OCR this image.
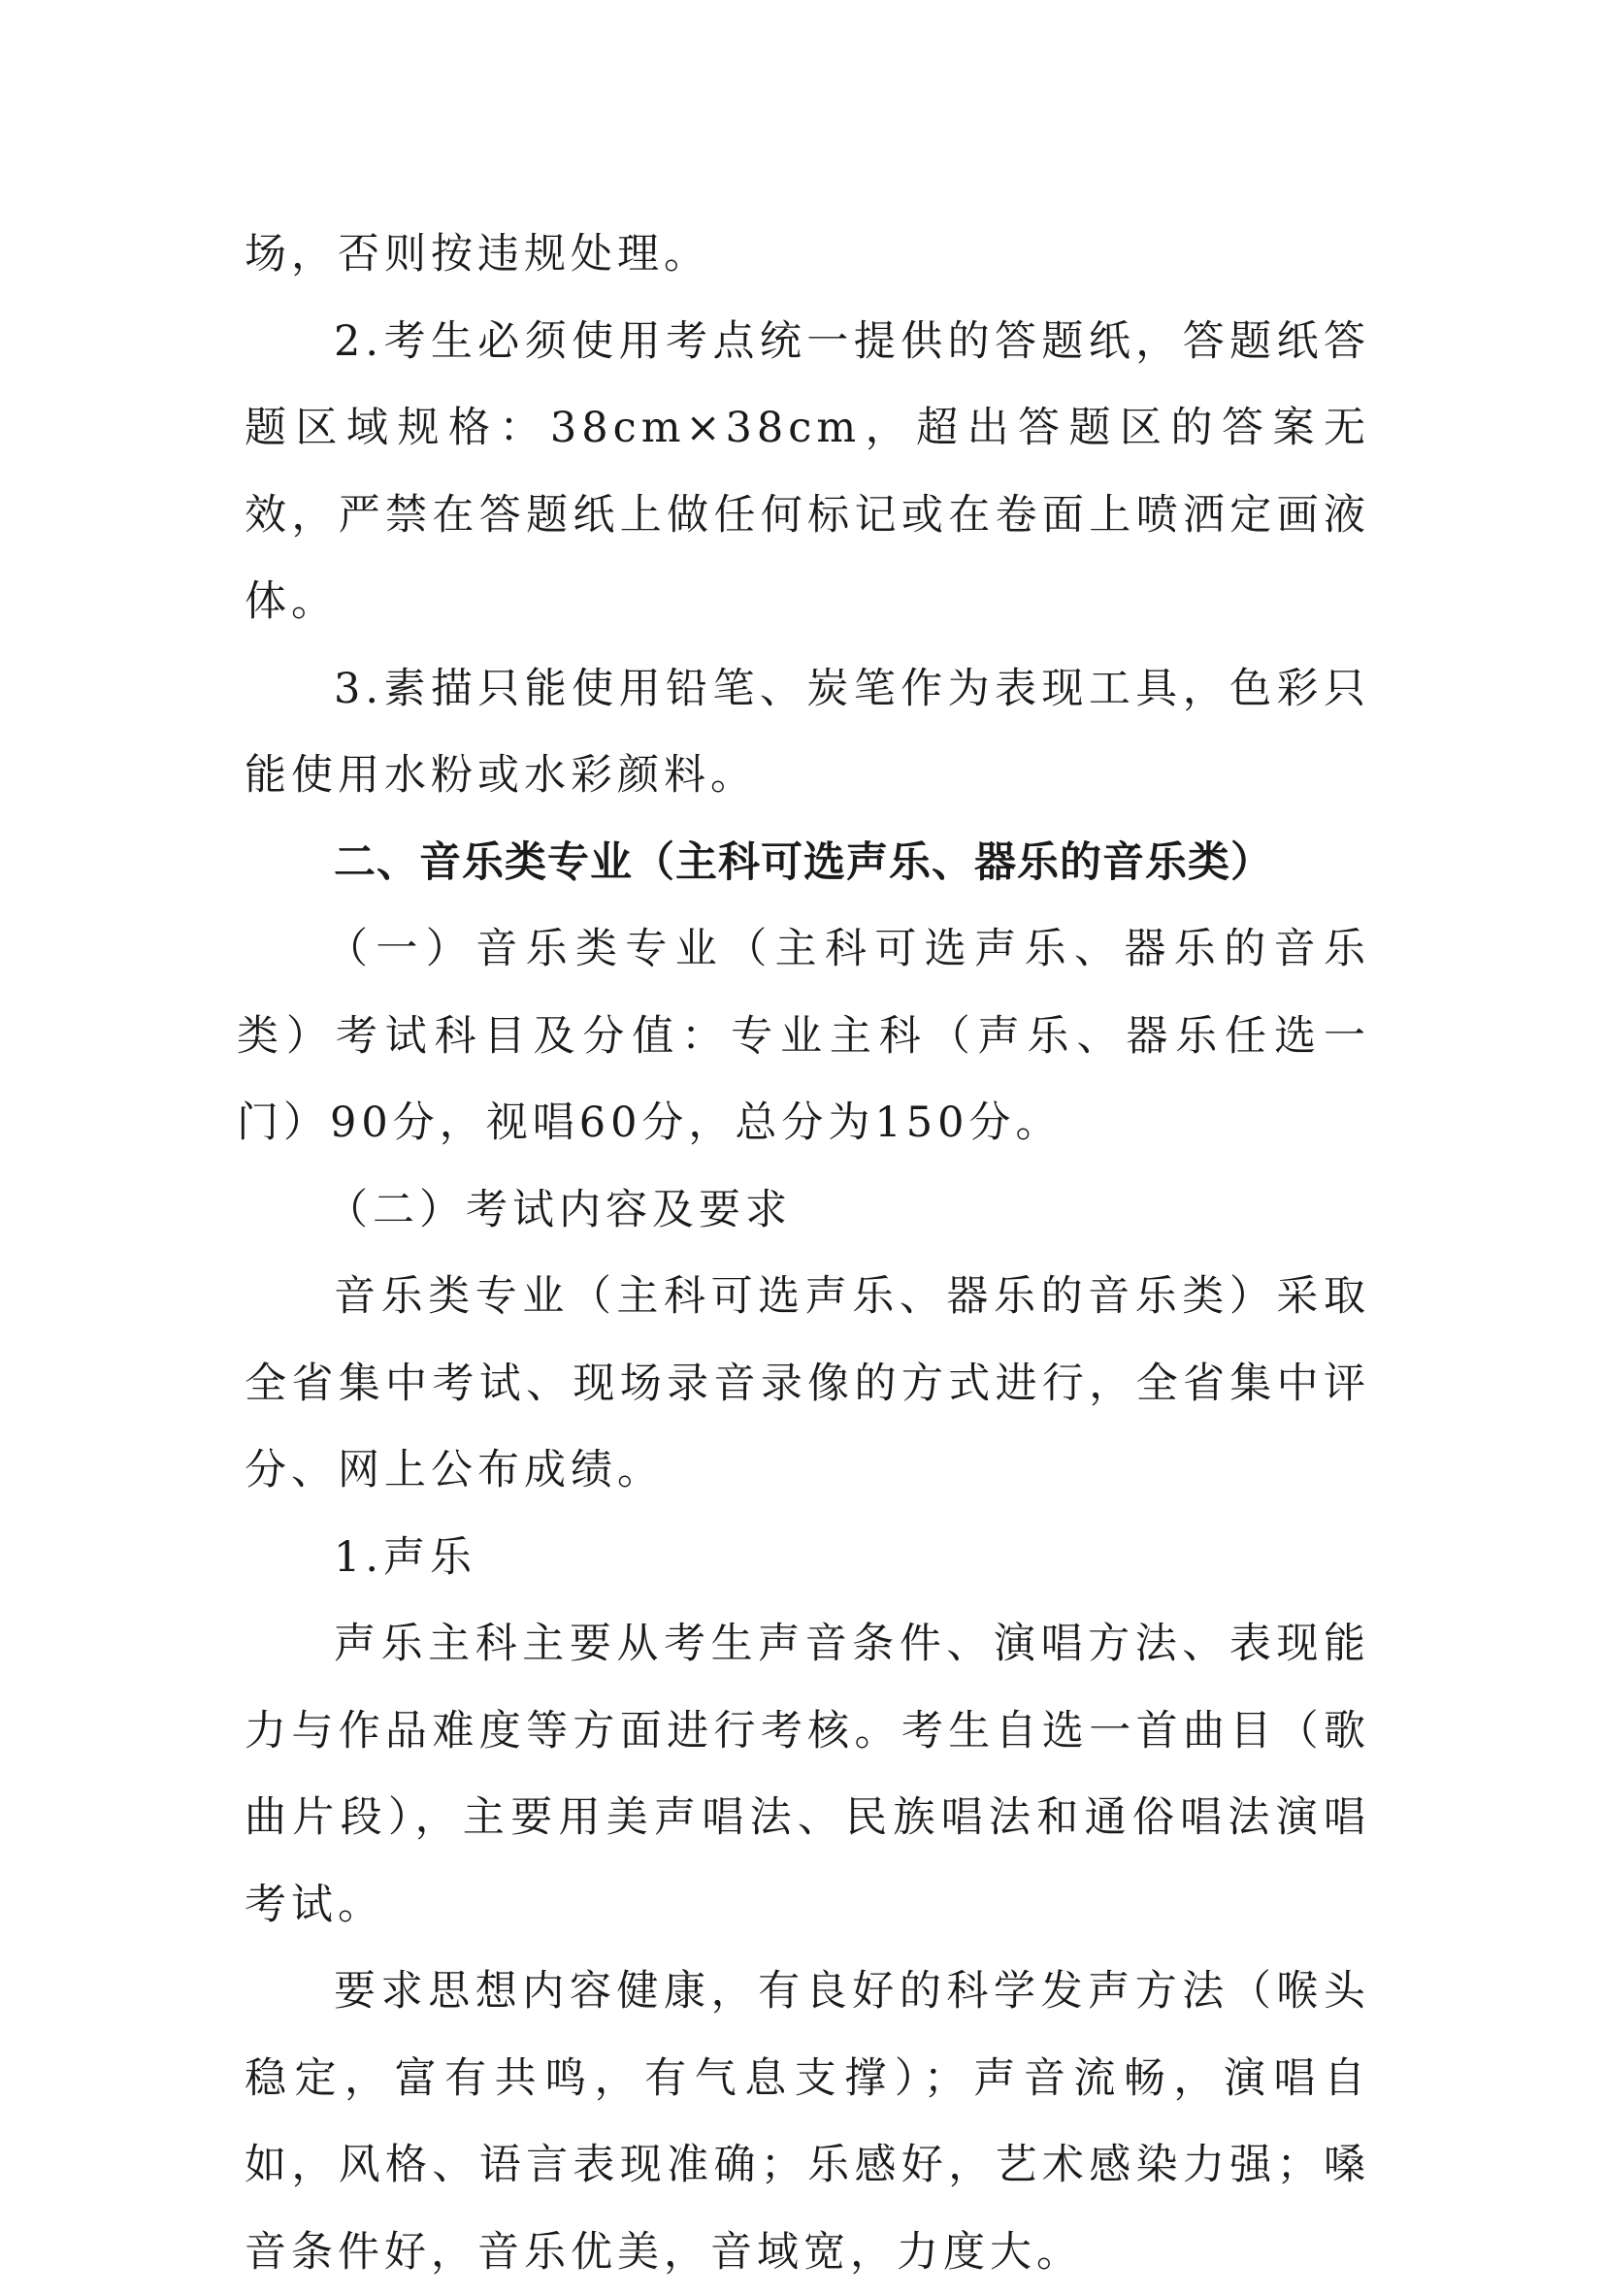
场，否则按违规处理。

2.考生必须使用考点统一提供的答题纸，答题纸答题区域规格：38cm×38cm，超出答题区的答案无效，严禁在答题纸上做任何标记或在卷面上喷洒定画液体。

3.素描只能使用铅笔、炭笔作为表现工具，色彩只能使用水粉或水彩颜料。

二、音乐类专业（主科可选声乐、器乐的音乐类）

（一）音乐类专业（主科可选声乐、器乐的音乐类）考试科目及分值：专业主科（声乐、器乐任选一门）90分，视唱60分，总分为150分。

（二）考试内容及要求

音乐类专业（主科可选声乐、器乐的音乐类）采取全省集中考试、现场录音录像的方式进行，全省集中评分、网上公布成绩。

1.声乐

声乐主科主要从考生声音条件、演唱方法、表现能力与作品难度等方面进行考核。考生自选一首曲目（歌曲片段），主要用美声唱法、民族唱法和通俗唱法演唱考试。

要求思想内容健康，有良好的科学发声方法（喉头稳定，富有共鸣，有气息支撑）；声音流畅，演唱自如，风格、语言表现准确；乐感好，艺术感染力强；嗓音条件好，音乐优美，音域宽，力度大。
